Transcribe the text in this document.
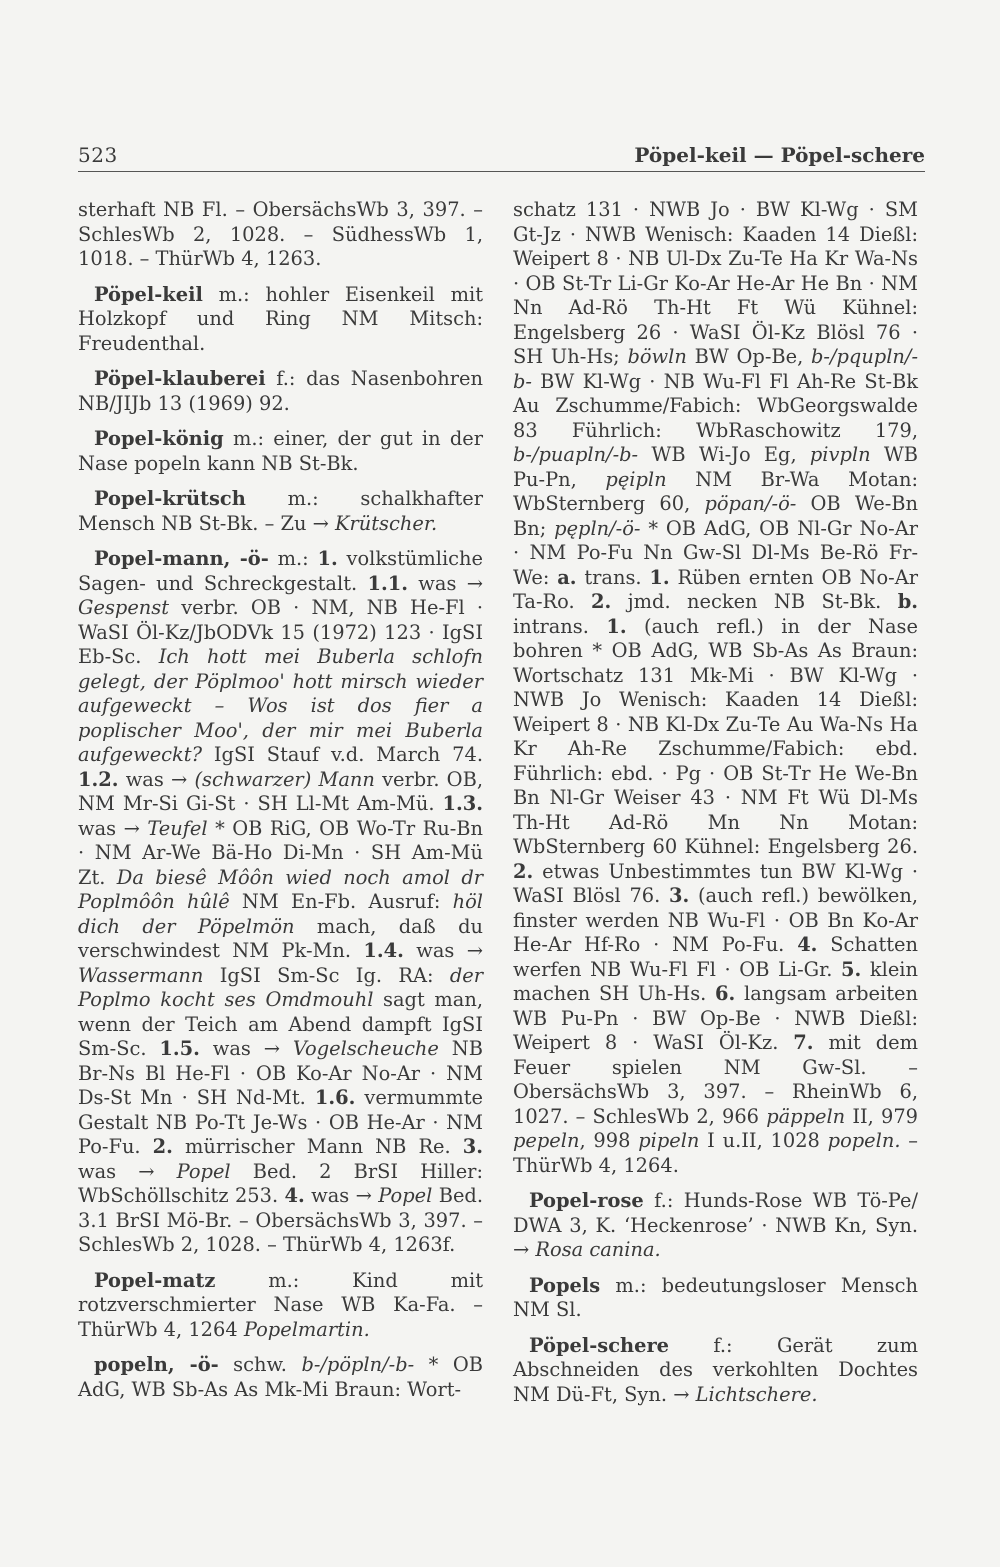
523	Pöpel-keil — Pöpel-schere

sterhaft NB Fl. – ObersächsWb 3, 397. – SchlesWb 2, 1028. – SüdhessWb 1, 1018. – ThürWb 4, 1263.

Pöpel-keil m.: hohler Eisenkeil mit Holzkopf und Ring NM Mitsch: Freudenthal.

Pöpel-klauberei f.: das Nasenbohren NB/JIJb 13 (1969) 92.

Popel-könig m.: einer, der gut in der Nase popeln kann NB St-Bk.

Popel-krütsch m.: schalkhafter Mensch NB St-Bk. – Zu → Krütscher.

Popel-mann, -ö- m.: 1. volkstümliche Sagen- und Schreckgestalt. 1.1. was → Gespenst verbr. OB · NM, NB He-Fl · WaSI Öl-Kz/JbODVk 15 (1972) 123 · IgSI Eb-Sc. Ich hott mei Buberla schlofn gelegt, der Pöplmoo' hott mirsch wieder aufgeweckt – Wos ist dos fier a poplischer Moo', der mir mei Buberla aufgeweckt? IgSI Stauf v.d. March 74. 1.2. was → (schwarzer) Mann verbr. OB, NM Mr-Si Gi-St · SH Ll-Mt Am-Mü. 1.3. was → Teufel * OB RiG, OB Wo-Tr Ru-Bn · NM Ar-We Bä-Ho Di-Mn · SH Am-Mü Zt. Da biesê Môôn wied noch amol dr Poplmôôn hûlê NM En-Fb. Ausruf: höl dich der Pöpelmön mach, daß du verschwindest NM Pk-Mn. 1.4. was → Wassermann IgSI Sm-Sc Ig. RA: der Poplmo kocht ses Omdmouhl sagt man, wenn der Teich am Abend dampft IgSI Sm-Sc. 1.5. was → Vogelscheuche NB Br-Ns Bl He-Fl · OB Ko-Ar No-Ar · NM Ds-St Mn · SH Nd-Mt. 1.6. vermummte Gestalt NB Po-Tt Je-Ws · OB He-Ar · NM Po-Fu. 2. mürrischer Mann NB Re. 3. was → Popel Bed. 2 BrSI Hiller: WbSchöllschitz 253. 4. was → Popel Bed. 3.1 BrSI Mö-Br. – ObersächsWb 3, 397. – SchlesWb 2, 1028. – ThürWb 4, 1263f.

Popel-matz m.: Kind mit rotzverschmierter Nase WB Ka-Fa. – ThürWb 4, 1264 Popelmartin.

popeln, -ö- schw. b-/pöpln/-b- * OB AdG, WB Sb-As As Mk-Mi Braun: Wort-

schatz 131 · NWB Jo · BW Kl-Wg · SM Gt-Jz · NWB Wenisch: Kaaden 14 Dießl: Weipert 8 · NB Ul-Dx Zu-Te Ha Kr Wa-Ns · OB St-Tr Li-Gr Ko-Ar He-Ar He Bn · NM Nn Ad-Rö Th-Ht Ft Wü Kühnel: Engelsberg 26 · WaSI Öl-Kz Blösl 76 · SH Uh-Hs; böwln BW Op-Be, b-/pqupln/-b- BW Kl-Wg · NB Wu-Fl Fl Ah-Re St-Bk Au Zschumme/Fabich: WbGeorgswalde 83 Führlich: WbRaschowitz 179, b-/puapln/-b- WB Wi-Jo Eg, pivpln WB Pu-Pn, pęipln NM Br-Wa Motan: WbSternberg 60, pöpan/-ö- OB We-Bn Bn; pępln/-ö- * OB AdG, OB Nl-Gr No-Ar · NM Po-Fu Nn Gw-Sl Dl-Ms Be-Rö Fr-We: a. trans. 1. Rüben ernten OB No-Ar Ta-Ro. 2. jmd. necken NB St-Bk. b. intrans. 1. (auch refl.) in der Nase bohren * OB AdG, WB Sb-As As Braun: Wortschatz 131 Mk-Mi · BW Kl-Wg · NWB Jo Wenisch: Kaaden 14 Dießl: Weipert 8 · NB Kl-Dx Zu-Te Au Wa-Ns Ha Kr Ah-Re Zschumme/Fabich: ebd. Führlich: ebd. · Pg · OB St-Tr He We-Bn Bn Nl-Gr Weiser 43 · NM Ft Wü Dl-Ms Th-Ht Ad-Rö Mn Nn Motan: WbSternberg 60 Kühnel: Engelsberg 26. 2. etwas Unbestimmtes tun BW Kl-Wg · WaSI Blösl 76. 3. (auch refl.) bewölken, finster werden NB Wu-Fl · OB Bn Ko-Ar He-Ar Hf-Ro · NM Po-Fu. 4. Schatten werfen NB Wu-Fl Fl · OB Li-Gr. 5. klein machen SH Uh-Hs. 6. langsam arbeiten WB Pu-Pn · BW Op-Be · NWB Dießl: Weipert 8 · WaSI Öl-Kz. 7. mit dem Feuer spielen NM Gw-Sl. – ObersächsWb 3, 397. – RheinWb 6, 1027. – SchlesWb 2, 966 päppeln II, 979 pepeln, 998 pipeln I u.II, 1028 popeln. – ThürWb 4, 1264.

Popel-rose f.: Hunds-Rose WB Tö-Pe/ DWA 3, K. ‘Heckenrose’ · NWB Kn, Syn. → Rosa canina.

Popels m.: bedeutungsloser Mensch NM Sl.

Pöpel-schere f.: Gerät zum Abschneiden des verkohlten Dochtes NM Dü-Ft, Syn. → Lichtschere.
